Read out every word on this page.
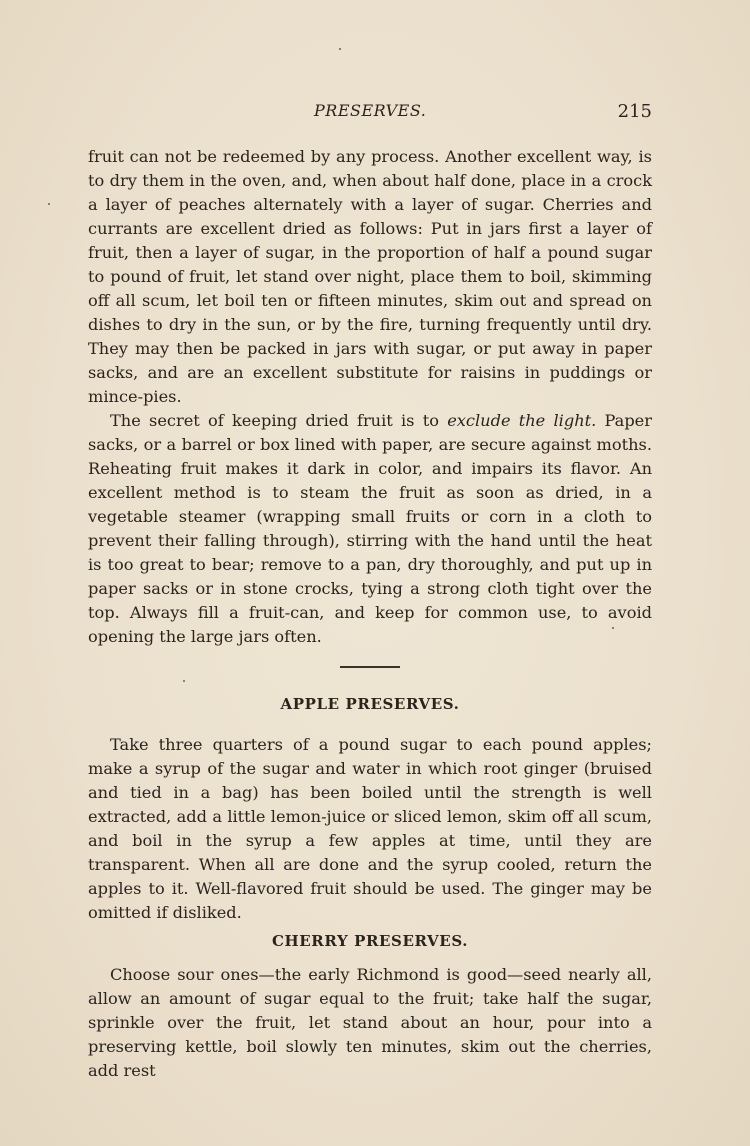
PRESERVES.	215

fruit can not be redeemed by any process. Another excellent way, is to dry them in the oven, and, when about half done, place in a crock a layer of peaches alternately with a layer of sugar. Cherries and currants are excellent dried as follows: Put in jars first a layer of fruit, then a layer of sugar, in the proportion of half a pound sugar to pound of fruit, let stand over night, place them to boil, skimming off all scum, let boil ten or fifteen minutes, skim out and spread on dishes to dry in the sun, or by the fire, turning frequently until dry. They may then be packed in jars with sugar, or put away in paper sacks, and are an excellent substitute for raisins in puddings or mince-pies.

The secret of keeping dried fruit is to exclude the light. Paper sacks, or a barrel or box lined with paper, are secure against moths. Reheating fruit makes it dark in color, and impairs its flavor. An excellent method is to steam the fruit as soon as dried, in a vegetable steamer (wrapping small fruits or corn in a cloth to prevent their falling through), stirring with the hand until the heat is too great to bear; remove to a pan, dry thoroughly, and put up in paper sacks or in stone crocks, tying a strong cloth tight over the top. Always fill a fruit-can, and keep for common use, to avoid opening the large jars often.

APPLE PRESERVES.

Take three quarters of a pound sugar to each pound apples; make a syrup of the sugar and water in which root ginger (bruised and tied in a bag) has been boiled until the strength is well extracted, add a little lemon-juice or sliced lemon, skim off all scum, and boil in the syrup a few apples at time, until they are transparent. When all are done and the syrup cooled, return the apples to it. Well-flavored fruit should be used. The ginger may be omitted if disliked.

CHERRY PRESERVES.

Choose sour ones—the early Richmond is good—seed nearly all, allow an amount of sugar equal to the fruit; take half the sugar, sprinkle over the fruit, let stand about an hour, pour into a preserving kettle, boil slowly ten minutes, skim out the cherries, add rest
